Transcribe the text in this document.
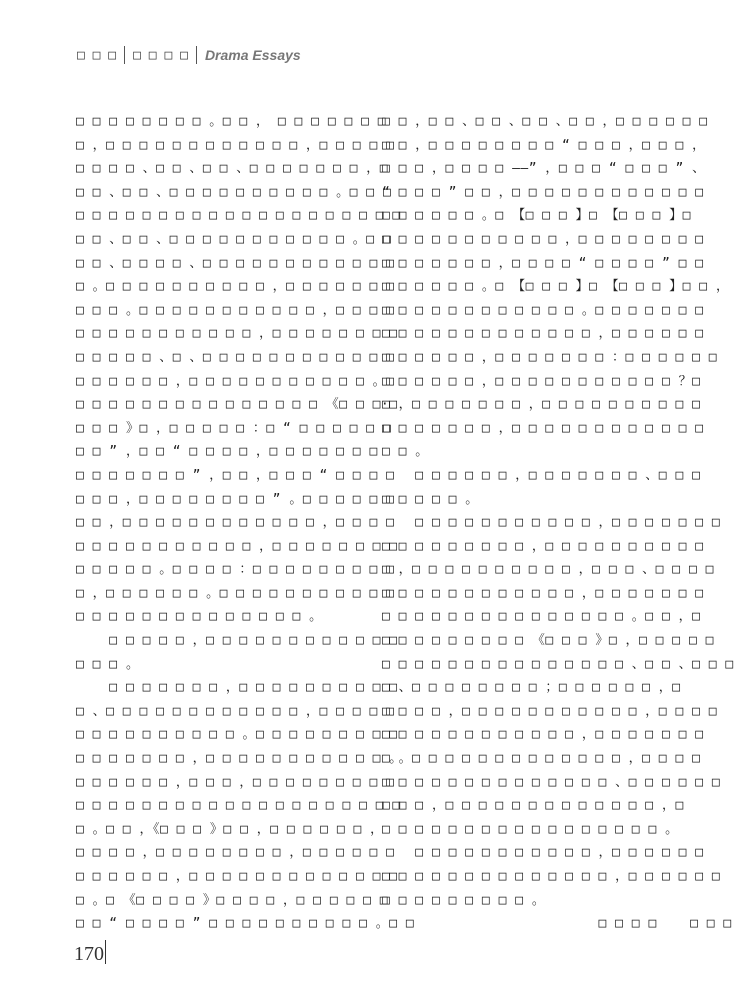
□ □ □ □ □ □ □ Drama Essays
□ □ □ □ □ □ □ □ 。□ □ ， □ □ □ □ □ □ □
□ ，□ □ □ □ □ □ □ □ □ □ □ □ ，□ □ □ □ □
□ □ □ □ 、□ □ 、□ □ 、□ □ □ □ □ □ □ ，□
□ □ 、□ □ 、□ □ □ □ □ □ □ □ □ □ 。□ □ □
□ □ □ □ □ □ □ □ □ □ □ □ □ □ □ □ □ □ □ □
□ □ 、□ □ 、□ □ □ □ □ □ □ □ □ □ □ 。□ □
□ □ 、□ □ □ □ 、□ □ □ □ □ □ □ □ □ □ □ □
□ 。□ □ □ □ □ □ □ □ □ □ ，□ □ □ □ □ □ □
□ □ □ 。□ □ □ □ □ □ □ □ □ □ □ ，□ □ □ □
□ □ □ □ □ □ □ □ □ □ □ ，□ □ □ □ □ □ □ □
□ □ □ □ □ 、□ 、□ □ □ □ □ □ □ □ □ □ □ □
□ □ □ □ □ □ ，□ □ □ □ □ □ □ □ □ □ □ 。□
□ □ □ □ □ □ □ □ □ □ □ □ □ □ □ 《□ □ □·□
□ □ □ 》□ ，□ □ □ □ □ ：□ “ □ □ □ □ □ □
□ □ ” ，□ □ “ □ □ □ □ ，□ □ □ □ □ □ □
□ □ □ □ □ □ □ ” ，□ □ ，□ □ □ “ □ □ □ □
□ □ □ ，□ □ □ □ □ □ □ □ ” 。□ □ □ □ □ □
□ □ ，□ □ □ □ □ □ □ □ □ □ □ □ ，□ □ □ □
□ □ □ □ □ □ □ □ □ □ □ ，□ □ □ □ □ □ □ □
□ □ □ □ □ 。□ □ □ □ ：□ □ □ □ □ □ □ □ □
□ ，□ □ □ □ □ □ 。□ □ □ □ □ □ □ □ □ □ □
□ □ □ □ □ □ □ □ □ □ □ □ □ □ 。
□ □ □ □ □ ，□ □ □ □ □ □ □ □ □ □ □ □
□ □ □ 。
□ □ □ □ □ □ □ ，□ □ □ □ □ □ □ □ □ □
□ 、□ □ □ □ □ □ □ □ □ □ □ □ ，□ □ □ □ □
□ □ □ □ □ □ □ □ □ □ 。□ □ □ □ □ □ □ □ □
□ □ □ □ □ □ □ ，□ □ □ □ □ □ □ □ □ □ □ 。
□ □ □ □ □ □ ，□ □ □ ，□ □ □ □ □ □ □ □ □
□ □ □ □ □ □ □ □ □ □ □ □ □ □ □ □ □ □ □ □
□ 。□ □ ，《□ □ □ 》□ □ ，□ □ □ □ □ □ ，
□ □ □ □ ，□ □ □ □ □ □ □ □ ，□ □ □ □ □ □
□ □ □ □ □ □ ，□ □ □ □ □ □ □ □ □ □ □ □ □
□ 。□ 《□ □ □ □ 》□ □ □ □ ，□ □ □ □ □ □
□ □ “ □ □ □ □ ” □ □ □ □ □ □ □ □ □ □ 。□ □
□ □ ，□ □ 、□ □ 、□ □ 、□ □ ，□ □ □ □ □ □
□ □ ，□ □ □ □ □ □ □ □ “ □ □ □ ，□ □ □ ，
□ □ □ ，□ □ □ □ ——” ，□ □ □ “ □ □ □ ” 、
“ □ □ □ ” □ □ ，□ □ □ □ □ □ □ □ □ □ □ □
□ □ □ □ □ □ 。□ 【□ □ □ 】□ 【□ □ □ 】□
□ □ □ □ □ □ □ □ □ □ □ ，□ □ □ □ □ □ □ □
□ □ □ □ □ □ □ ，□ □ □ □ “ □ □ □ □ ” □ □
□ □ □ □ □ □ 。□ 【□ □ □ 】□ 【□ □ □ 】□ □ ，
□ □ □ □ □ □ □ □ □ □ □ □ 。□ □ □ □ □ □ □
□ □ □ □ □ □ □ □ □ □ □ □ □ ，□ □ □ □ □ □
□ □ □ □ □ □ ，□ □ □ □ □ □ □ ：□ □ □ □ □ □
□ □ □ □ □ □ ，□ □ □ □ □ □ □ □ □ □ □ ？□
□ ，□ □ □ □ □ □ □ ，□ □ □ □ □ □ □ □ □ □
□ □ □ □ □ □ □ ，□ □ □ □ □ □ □ □ □ □ □ □
□ □ 。
□ □ □ □ □ □ ，□ □ □ □ □ □ □ 、□ □ □
□ □ □ □ □ 。
□ □ □ □ □ □ □ □ □ □ □ ，□ □ □ □ □ □ □
□ □ □ □ □ □ □ □ □ ，□ □ □ □ □ □ □ □ □ □
□ ，□ □ □ □ □ □ □ □ □ □ ，□ □ □ 、□ □ □ □
□ □ □ □ □ □ □ □ □ □ □ □ ，□ □ □ □ □ □ □
□ □ □ □ □ □ □ □ □ □ □ □ □ □ □ 。□ □ ，□
□ □ □ □ □ □ □ □ □ 《□ □ □ 》□ ，□ □ □ □ □
□ □ □ □ □ □ □ □ □ □ □ □ □ □ □ 、□ □ 、□ □ □
□ 、□ □ □ □ □ □ □ □ ；□ □ □ □ □ □ ，□
□ □ □ □ ，□ □ □ □ □ □ □ □ □ □ □ ，□ □ □ □
□ □ □ □ □ □ □ □ □ □ □ □ ，□ □ □ □ □ □ □
□ 。□ □ □ □ □ □ □ □ □ □ □ □ □ ，□ □ □ □
□ □ □ □ □ □ □ □ □ □ □ □ □ □ 、□ □ □ □ □ □
□ □ □ ，□ □ □ □ □ □ □ □ □ □ □ □ □ ，□
□ □ □ □ □ □ □ □ □ □ □ □ □ □ □ □ □ 。
□ □ □ □ □ □ □ □ □ □ □ ，□ □ □ □ □ □
□ □ □ □ □ □ □ □ □ □ □ □ □ □ ，□ □ □ □ □ □
□ □ □ □ □ □ □ □ □ 。
□ □ □ □    □ □ □
170
